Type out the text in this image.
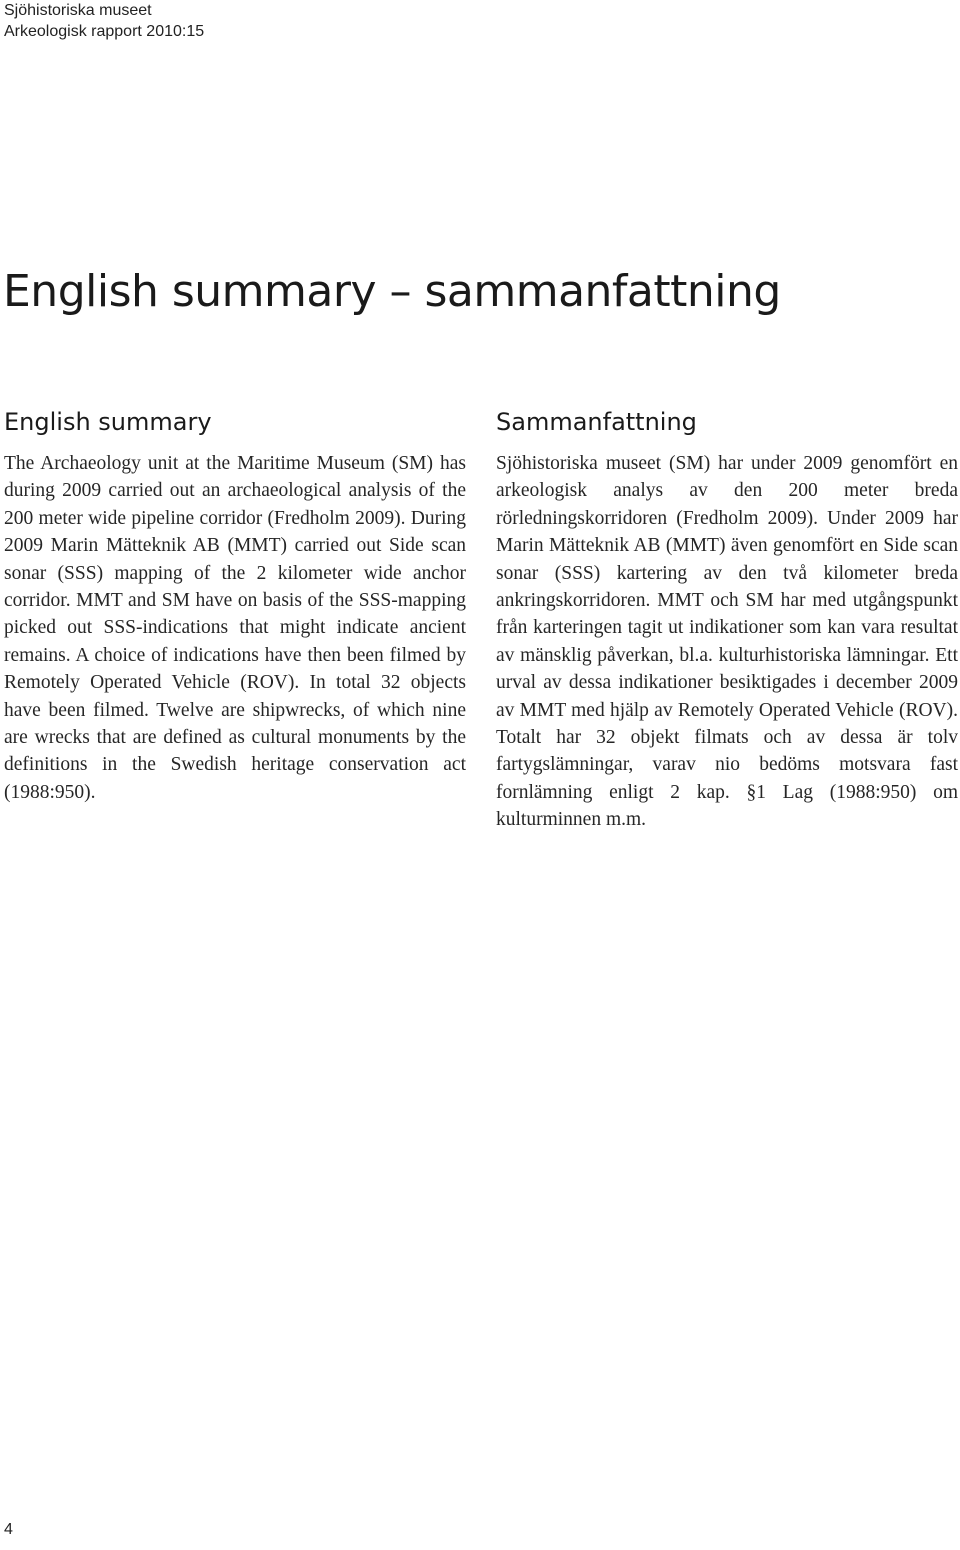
Sjöhistoriska museet
Arkeologisk rapport 2010:15
English summary – sammanfattning
English summary

The Archaeology unit at the Maritime Museum (SM) has during 2009 carried out an archaeological analysis of the 200 meter wide pipeline corridor (Fredholm 2009). During 2009 Marin Mätteknik AB (MMT) carried out Side scan sonar (SSS) mapping of the 2 kilometer wide anchor corridor. MMT and SM have on basis of the SSS-mapping picked out SSS-indications that might indicate ancient remains. A choice of indications have then been filmed by Remotely Operated Vehicle (ROV). In total 32 objects have been filmed. Twelve are shipwrecks, of which nine are wrecks that are defined as cultural monuments by the definitions in the Swedish heritage conservation act (1988:950).

Sammanfattning

Sjöhistoriska museet (SM) har under 2009 genomfört en arkeologisk analys av den 200 meter breda rörledningskorridoren (Fredholm 2009). Under 2009 har Marin Mätteknik AB (MMT) även genomfört en Side scan sonar (SSS) kartering av den två kilometer breda ankringskorridoren. MMT och SM har med utgångspunkt från karteringen tagit ut indikationer som kan vara resultat av mänsklig påverkan, bl.a. kulturhistoriska lämningar. Ett urval av dessa indikationer besiktigades i december 2009 av MMT med hjälp av Remotely Operated Vehicle (ROV). Totalt har 32 objekt filmats och av dessa är tolv fartygslämningar, varav nio bedöms motsvara fast fornlämning enligt 2 kap. §1 Lag (1988:950) om kulturminnen m.m.

4
